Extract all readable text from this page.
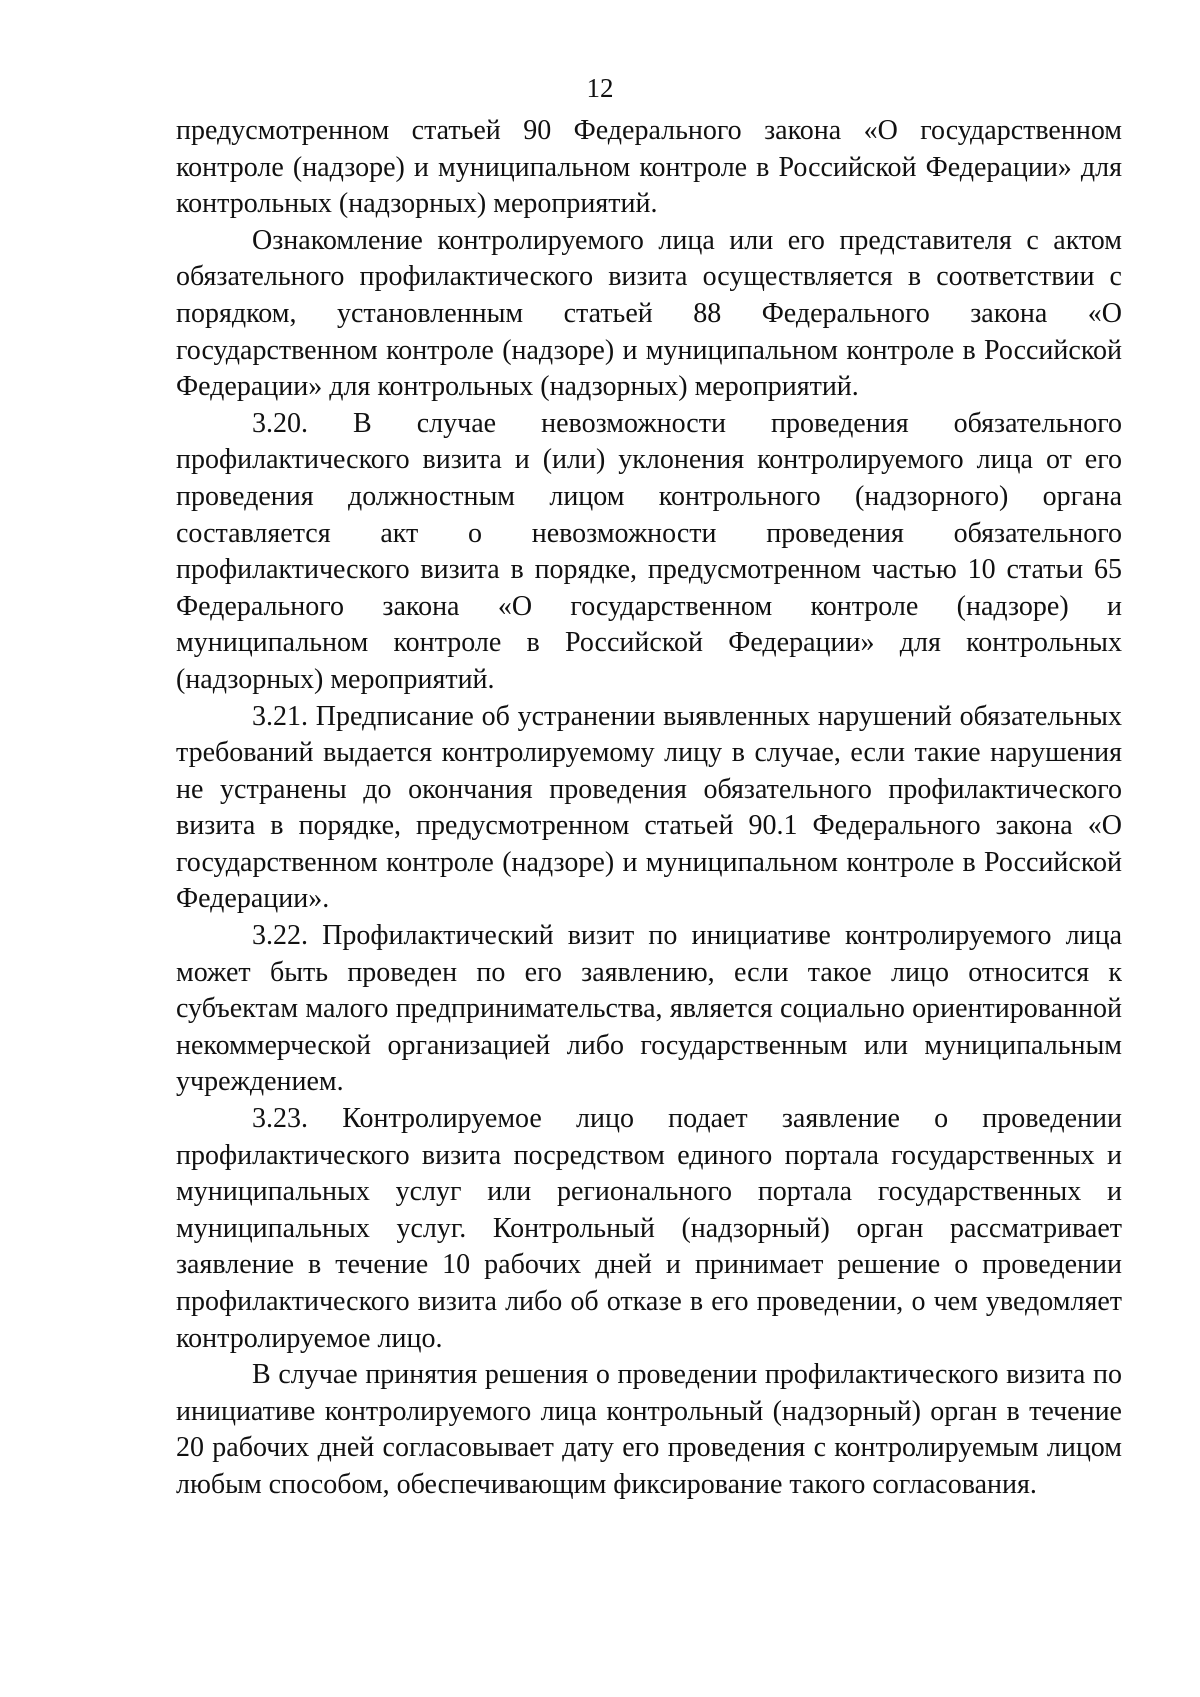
12

предусмотренном статьей 90 Федерального закона «О государственном контроле (надзоре) и муниципальном контроле в Российской Федерации» для контрольных (надзорных) мероприятий.

Ознакомление контролируемого лица или его представителя с актом обязательного профилактического визита осуществляется в соответствии с порядком, установленным статьей 88 Федерального закона «О государственном контроле (надзоре) и муниципальном контроле в Российской Федерации» для контрольных (надзорных) мероприятий.

3.20. В случае невозможности проведения обязательного профилактического визита и (или) уклонения контролируемого лица от его проведения должностным лицом контрольного (надзорного) органа составляется акт о невозможности проведения обязательного профилактического визита в порядке, предусмотренном частью 10 статьи 65 Федерального закона «О государственном контроле (надзоре) и муниципальном контроле в Российской Федерации» для контрольных (надзорных) мероприятий.

3.21. Предписание об устранении выявленных нарушений обязательных требований выдается контролируемому лицу в случае, если такие нарушения не устранены до окончания проведения обязательного профилактического визита в порядке, предусмотренном статьей 90.1 Федерального закона «О государственном контроле (надзоре) и муниципальном контроле в Российской Федерации».

3.22. Профилактический визит по инициативе контролируемого лица может быть проведен по его заявлению, если такое лицо относится к субъектам малого предпринимательства, является социально ориентированной некоммерческой организацией либо государственным или муниципальным учреждением.

3.23. Контролируемое лицо подает заявление о проведении профилактического визита посредством единого портала государственных и муниципальных услуг или регионального портала государственных и муниципальных услуг. Контрольный (надзорный) орган рассматривает заявление в течение 10 рабочих дней и принимает решение о проведении профилактического визита либо об отказе в его проведении, о чем уведомляет контролируемое лицо.

В случае принятия решения о проведении профилактического визита по инициативе контролируемого лица контрольный (надзорный) орган в течение 20 рабочих дней согласовывает дату его проведения с контролируемым лицом любым способом, обеспечивающим фиксирование такого согласования.
